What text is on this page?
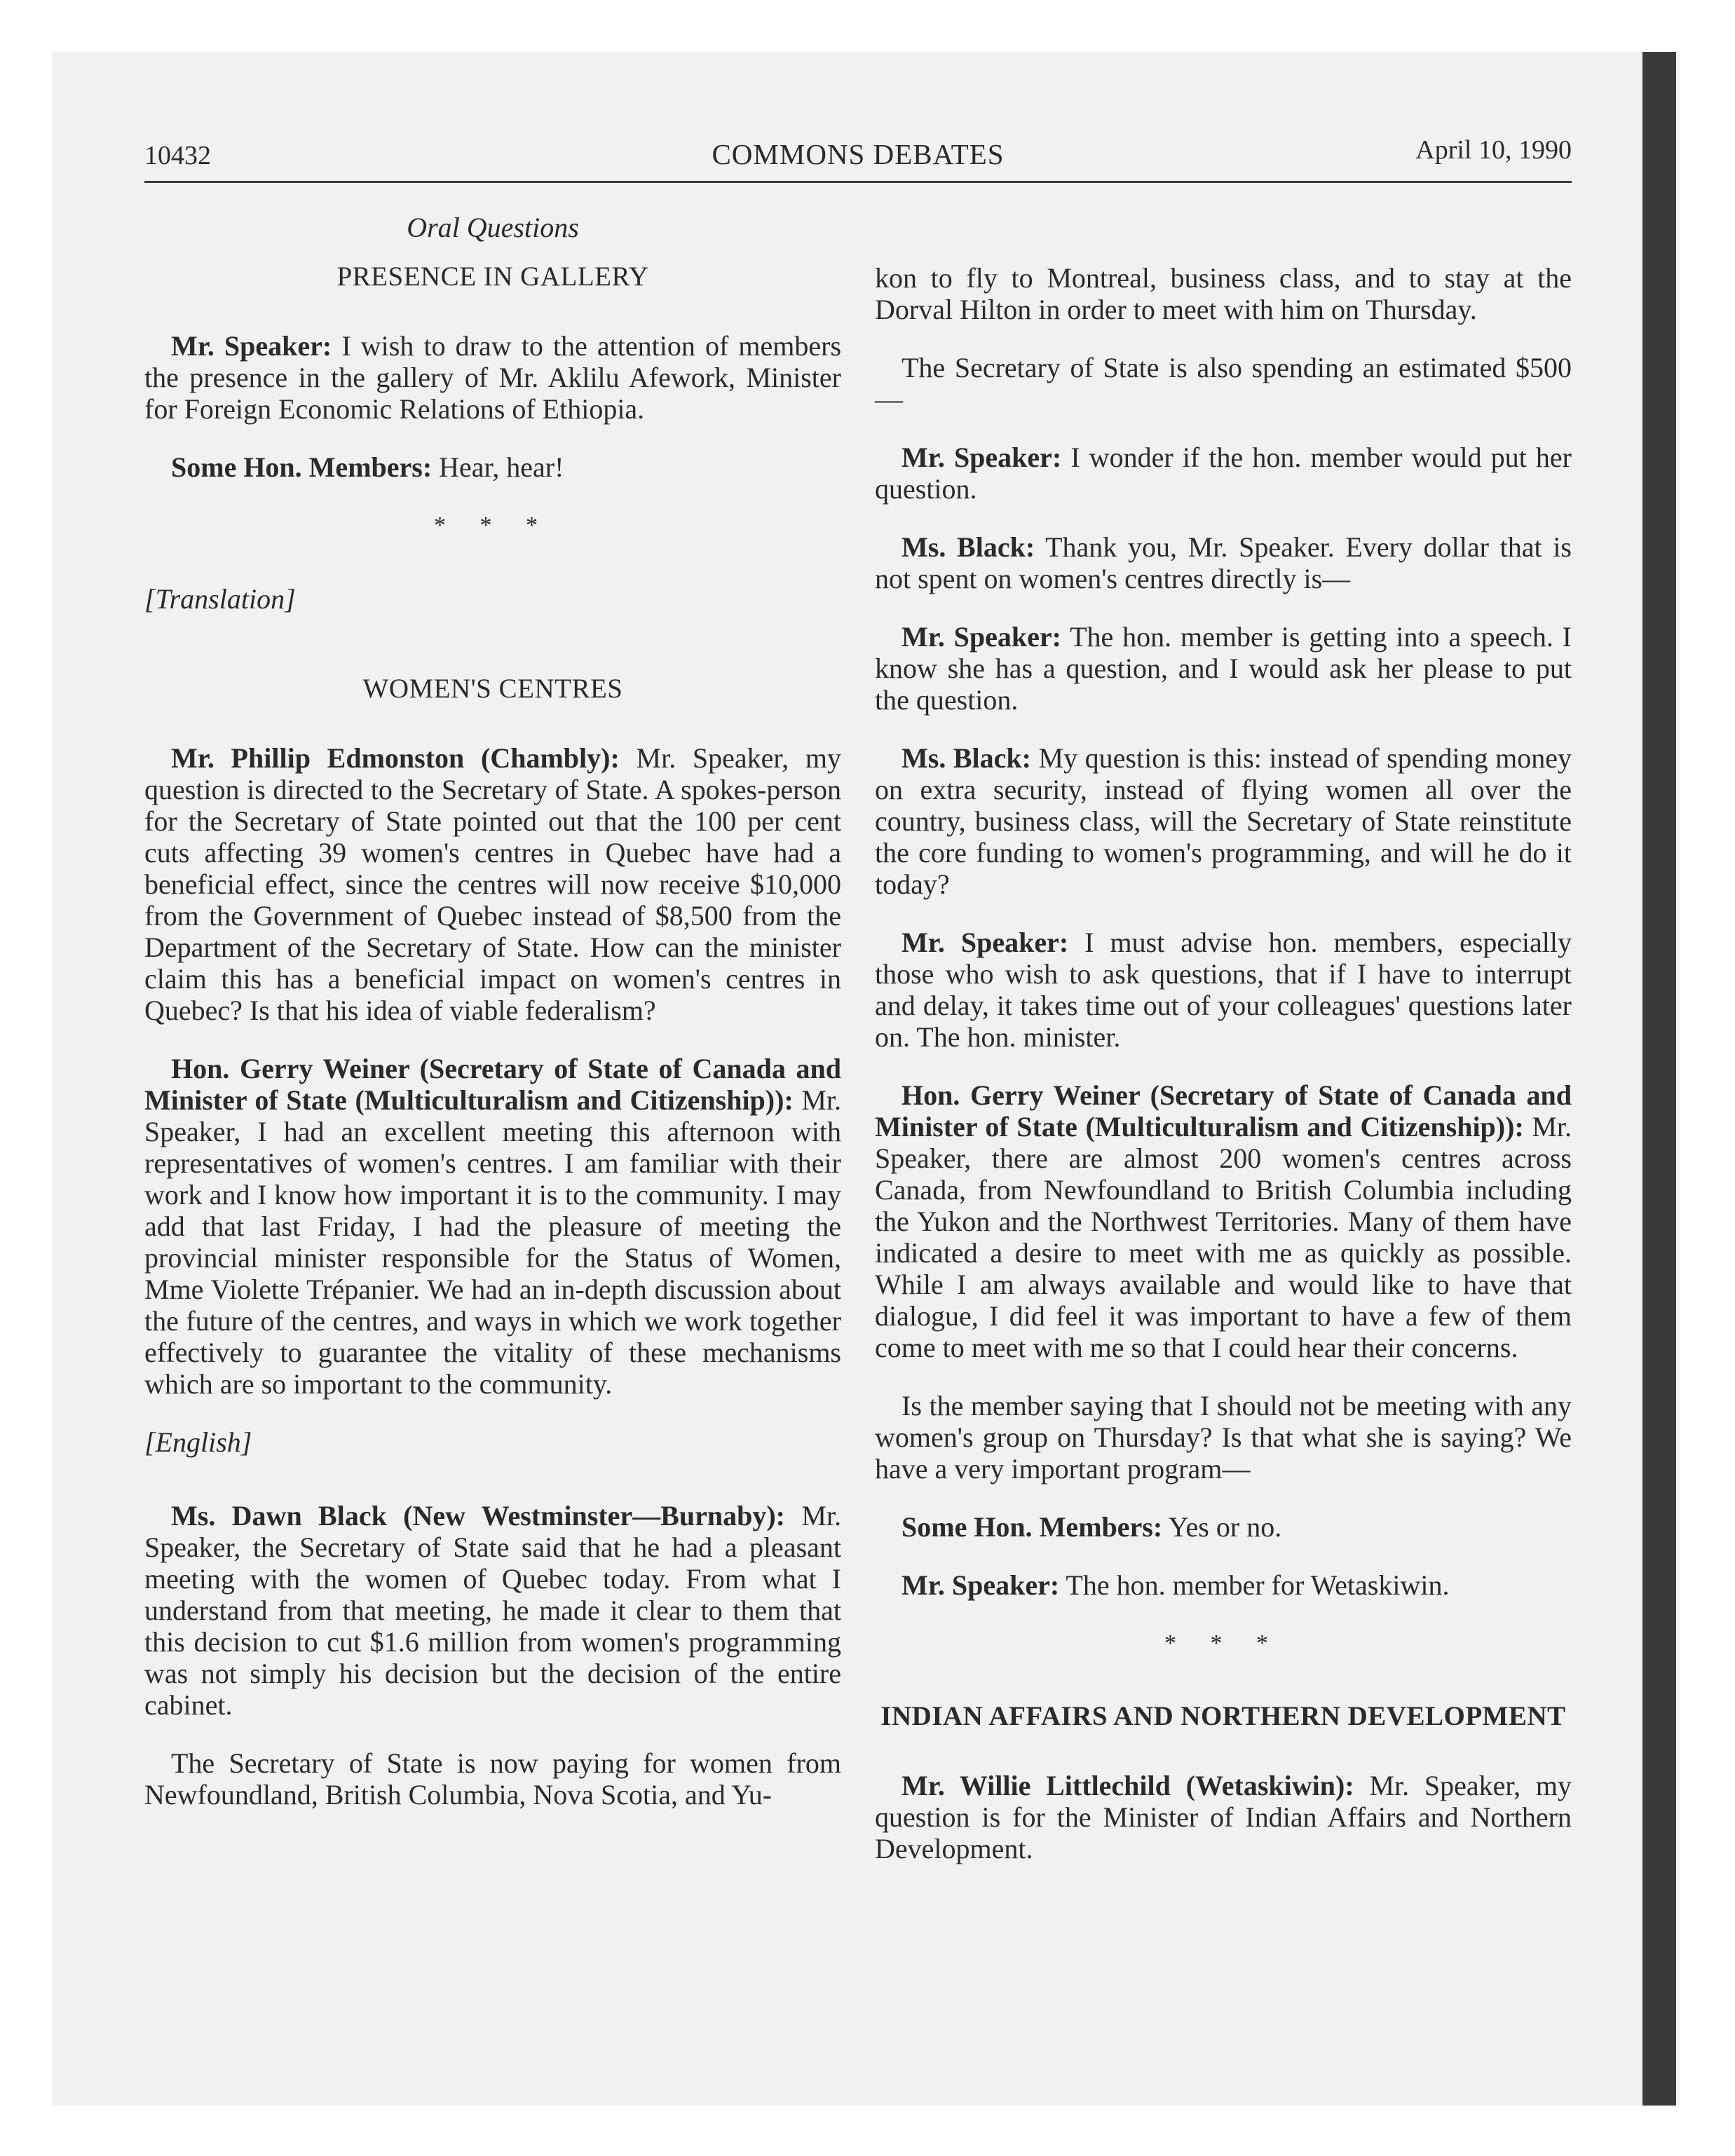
10432	COMMONS DEBATES	April 10, 1990
Oral Questions
PRESENCE IN GALLERY

Mr. Speaker: I wish to draw to the attention of members the presence in the gallery of Mr. Aklilu Afework, Minister for Foreign Economic Relations of Ethiopia.

Some Hon. Members: Hear, hear!

* * *
[Translation]
WOMEN'S CENTRES

Mr. Phillip Edmonston (Chambly): Mr. Speaker, my question is directed to the Secretary of State. A spokes-person for the Secretary of State pointed out that the 100 per cent cuts affecting 39 women's centres in Quebec have had a beneficial effect, since the centres will now receive $10,000 from the Government of Quebec instead of $8,500 from the Department of the Secretary of State. How can the minister claim this has a beneficial impact on women's centres in Quebec? Is that his idea of viable federalism?

Hon. Gerry Weiner (Secretary of State of Canada and Minister of State (Multiculturalism and Citizenship)): Mr. Speaker, I had an excellent meeting this afternoon with representatives of women's centres. I am familiar with their work and I know how important it is to the community. I may add that last Friday, I had the pleasure of meeting the provincial minister responsible for the Status of Women, Mme Violette Trépanier. We had an in-depth discussion about the future of the centres, and ways in which we work together effectively to guarantee the vitality of these mechanisms which are so important to the community.

[English]

Ms. Dawn Black (New Westminster—Burnaby): Mr. Speaker, the Secretary of State said that he had a pleasant meeting with the women of Quebec today. From what I understand from that meeting, he made it clear to them that this decision to cut $1.6 million from women's programming was not simply his decision but the decision of the entire cabinet.

The Secretary of State is now paying for women from Newfoundland, British Columbia, Nova Scotia, and Yu-

kon to fly to Montreal, business class, and to stay at the Dorval Hilton in order to meet with him on Thursday.

The Secretary of State is also spending an estimated $500—

Mr. Speaker: I wonder if the hon. member would put her question.

Ms. Black: Thank you, Mr. Speaker. Every dollar that is not spent on women's centres directly is—

Mr. Speaker: The hon. member is getting into a speech. I know she has a question, and I would ask her please to put the question.

Ms. Black: My question is this: instead of spending money on extra security, instead of flying women all over the country, business class, will the Secretary of State reinstitute the core funding to women's programming, and will he do it today?

Mr. Speaker: I must advise hon. members, especially those who wish to ask questions, that if I have to interrupt and delay, it takes time out of your colleagues' questions later on. The hon. minister.

Hon. Gerry Weiner (Secretary of State of Canada and Minister of State (Multiculturalism and Citizenship)): Mr. Speaker, there are almost 200 women's centres across Canada, from Newfoundland to British Columbia including the Yukon and the Northwest Territories. Many of them have indicated a desire to meet with me as quickly as possible. While I am always available and would like to have that dialogue, I did feel it was important to have a few of them come to meet with me so that I could hear their concerns.

Is the member saying that I should not be meeting with any women's group on Thursday? Is that what she is saying? We have a very important program—

Some Hon. Members: Yes or no.

Mr. Speaker: The hon. member for Wetaskiwin.

* * *
INDIAN AFFAIRS AND NORTHERN DEVELOPMENT

Mr. Willie Littlechild (Wetaskiwin): Mr. Speaker, my question is for the Minister of Indian Affairs and Northern Development.
